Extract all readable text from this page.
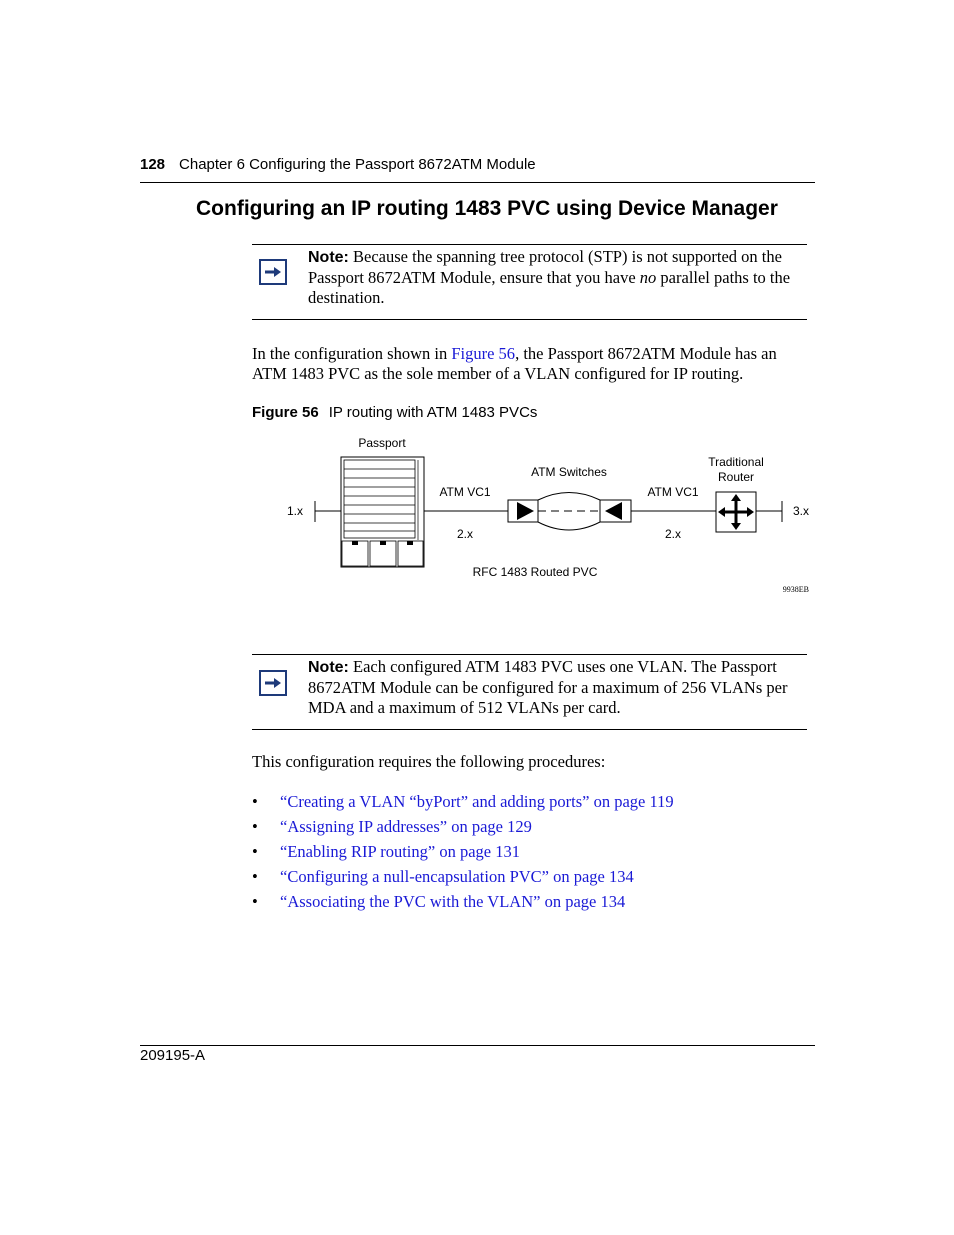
128 Chapter 6 Configuring the Passport 8672ATM Module
Configuring an IP routing 1483 PVC using Device Manager
Note: Because the spanning tree protocol (STP) is not supported on the Passport 8672ATM Module, ensure that you have no parallel paths to the destination.
In the configuration shown in Figure 56, the Passport 8672ATM Module has an ATM 1483 PVC as the sole member of a VLAN configured for IP routing.
Figure 56 IP routing with ATM 1483 PVCs
Passport
ATM Switches
Traditional
Router
ATM VC1	ATM VC1
1.x	3.x
2.x	2.x
RFC 1483 Routed PVC
9938EB
Note: Each configured ATM 1483 PVC uses one VLAN. The Passport 8672ATM Module can be configured for a maximum of 256 VLANs per MDA and a maximum of 512 VLANs per card.
This configuration requires the following procedures:
• “Creating a VLAN “byPort” and adding ports” on page 119
• “Assigning IP addresses” on page 129
• “Enabling RIP routing” on page 131
• “Configuring a null-encapsulation PVC” on page 134
• “Associating the PVC with the VLAN” on page 134
209195-A
